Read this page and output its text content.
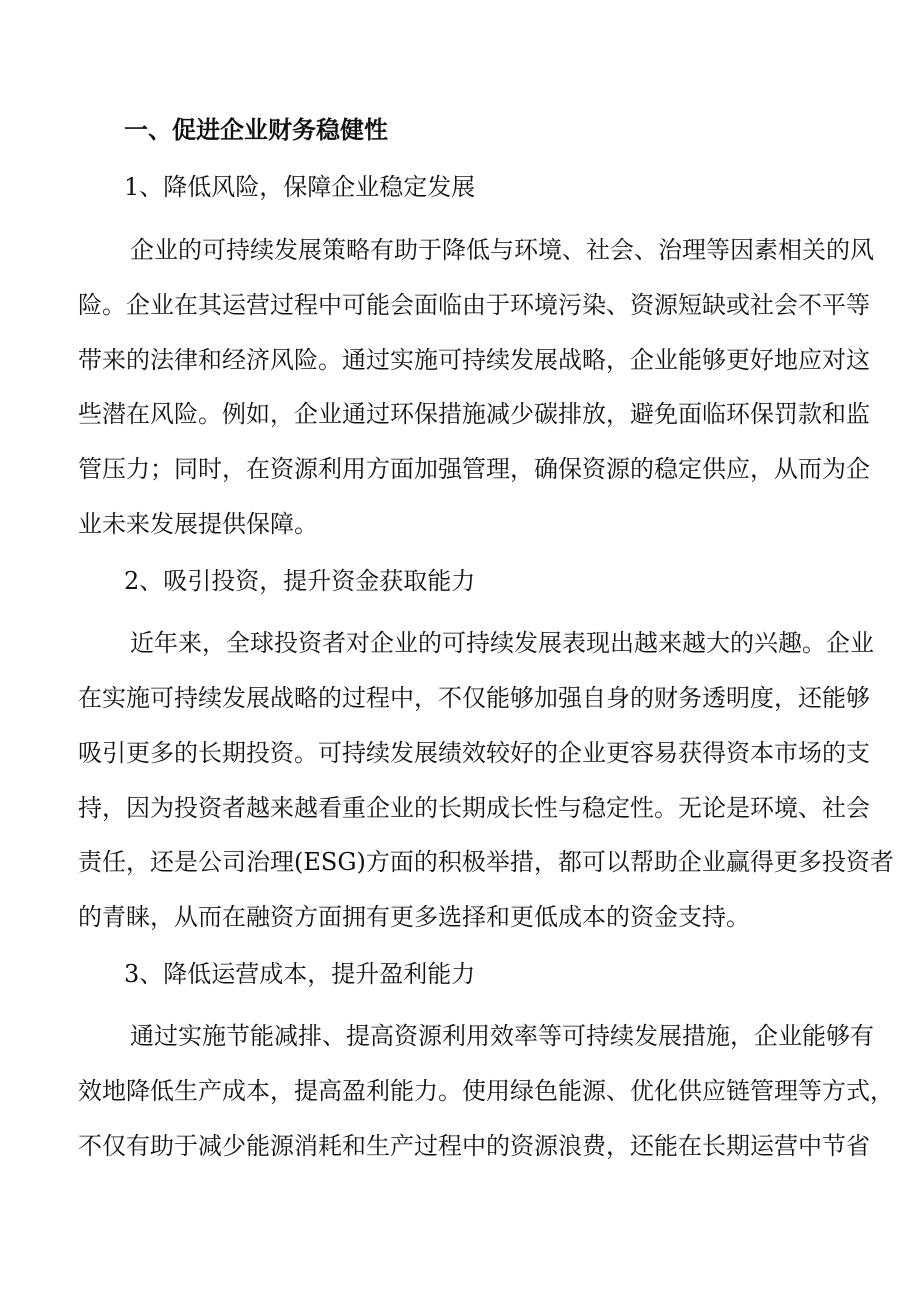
一、促进企业财务稳健性
1、降低风险，保障企业稳定发展
企 业 的 可 持 续 发 展 策 略 有 助 于 降 低 与 环 境 、 社 会 、 治 理 等 因 素 相 关 的 风
险 。 企 业 在 其 运 营 过 程 中 可 能 会 面 临 由 于 环 境 污 染 、 资 源 短 缺 或 社 会 不 平 等
带 来 的 法 律 和 经 济 风 险 。 通 过 实 施 可 持 续 发 展 战 略 ， 企 业 能 够 更 好 地 应 对 这
些 潜 在 风 险 。 例 如 ， 企 业 通 过 环 保 措 施 减 少 碳 排 放 ， 避 免 面 临 环 保 罚 款 和 监
管 压 力 ； 同 时 ， 在 资 源 利 用 方 面 加 强 管 理 ， 确 保 资 源 的 稳 定 供 应 ， 从 而 为 企
业未来发展提供保障。
2、吸引投资，提升资金获取能力
近 年 来 ， 全 球 投 资 者 对 企 业 的 可 持 续 发 展 表 现 出 越 来 越 大 的 兴 趣 。 企 业
在 实 施 可 持 续 发 展 战 略 的 过 程 中 ， 不 仅 能 够 加 强 自 身 的 财 务 透 明 度 ， 还 能 够
吸 引 更 多 的 长 期 投 资 。 可 持 续 发 展 绩 效 较 好 的 企 业 更 容 易 获 得 资 本 市 场 的 支
持 ， 因 为 投 资 者 越 来 越 看 重 企 业 的 长 期 成 长 性 与 稳 定 性 。 无 论 是 环 境 、 社 会
责 任 ， 还 是 公 司 治 理 ( E S G ) 方 面 的 积 极 举 措 ， 都 可 以 帮 助 企 业 赢 得 更 多 投 资 者
的青睐，从而在融资方面拥有更多选择和更低成本的资金支持。
3、降低运营成本，提升盈利能力
通 过 实 施 节 能 减 排 、 提 高 资 源 利 用 效 率 等 可 持 续 发 展 措 施 ， 企 业 能 够 有
效 地 降 低 生 产 成 本 ， 提 高 盈 利 能 力 。 使 用 绿 色 能 源 、 优 化 供 应 链 管 理 等 方 式 ，
不 仅 有 助 于 减 少 能 源 消 耗 和 生 产 过 程 中 的 资 源 浪 费 ， 还 能 在 长 期 运 营 中 节 省
